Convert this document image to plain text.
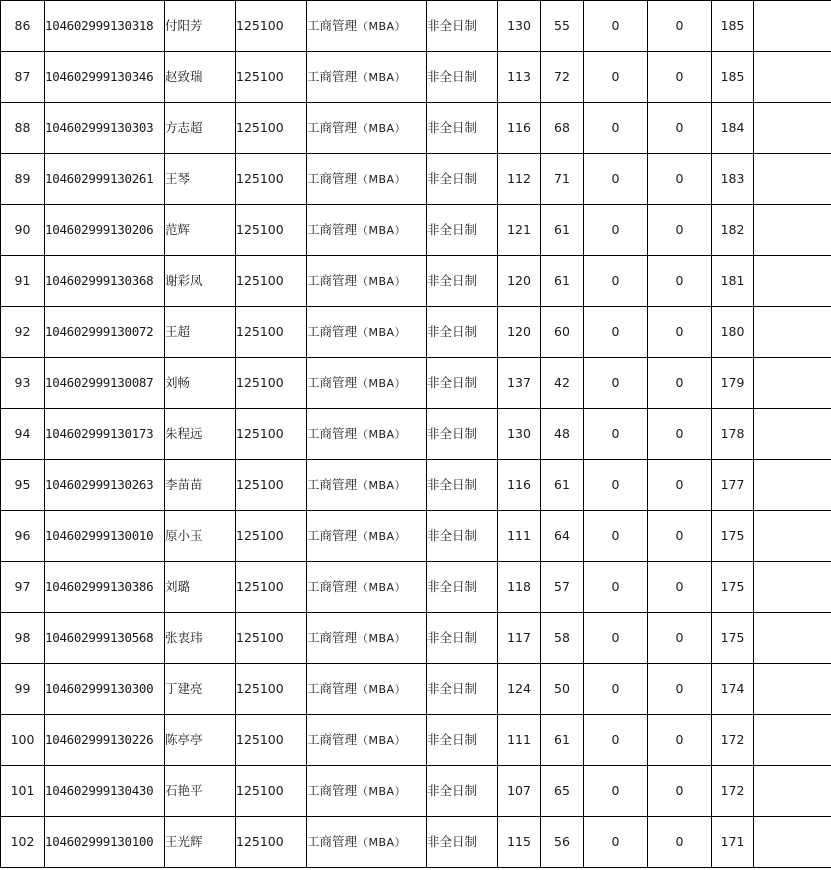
86	104602999130318	付阳芳	125100	工商管理（MBA）	非全日制	130	55	0	0	185	
87	104602999130346	赵致瑞	125100	工商管理（MBA）	非全日制	113	72	0	0	185	
88	104602999130303	方志超	125100	工商管理（MBA）	非全日制	116	68	0	0	184	
89	104602999130261	王琴	125100	工商管理（MBA）	非全日制	112	71	0	0	183	
90	104602999130206	范辉	125100	工商管理（MBA）	非全日制	121	61	0	0	182	
91	104602999130368	谢彩凤	125100	工商管理（MBA）	非全日制	120	61	0	0	181	
92	104602999130072	王超	125100	工商管理（MBA）	非全日制	120	60	0	0	180	
93	104602999130087	刘畅	125100	工商管理（MBA）	非全日制	137	42	0	0	179	
94	104602999130173	朱程远	125100	工商管理（MBA）	非全日制	130	48	0	0	178	
95	104602999130263	李苗苗	125100	工商管理（MBA）	非全日制	116	61	0	0	177	
96	104602999130010	原小玉	125100	工商管理（MBA）	非全日制	111	64	0	0	175	
97	104602999130386	刘璐	125100	工商管理（MBA）	非全日制	118	57	0	0	175	
98	104602999130568	张衷玮	125100	工商管理（MBA）	非全日制	117	58	0	0	175	
99	104602999130300	丁建亮	125100	工商管理（MBA）	非全日制	124	50	0	0	174	
100	104602999130226	陈亭亭	125100	工商管理（MBA）	非全日制	111	61	0	0	172	
101	104602999130430	石艳平	125100	工商管理（MBA）	非全日制	107	65	0	0	172	
102	104602999130100	王光辉	125100	工商管理（MBA）	非全日制	115	56	0	0	171	
